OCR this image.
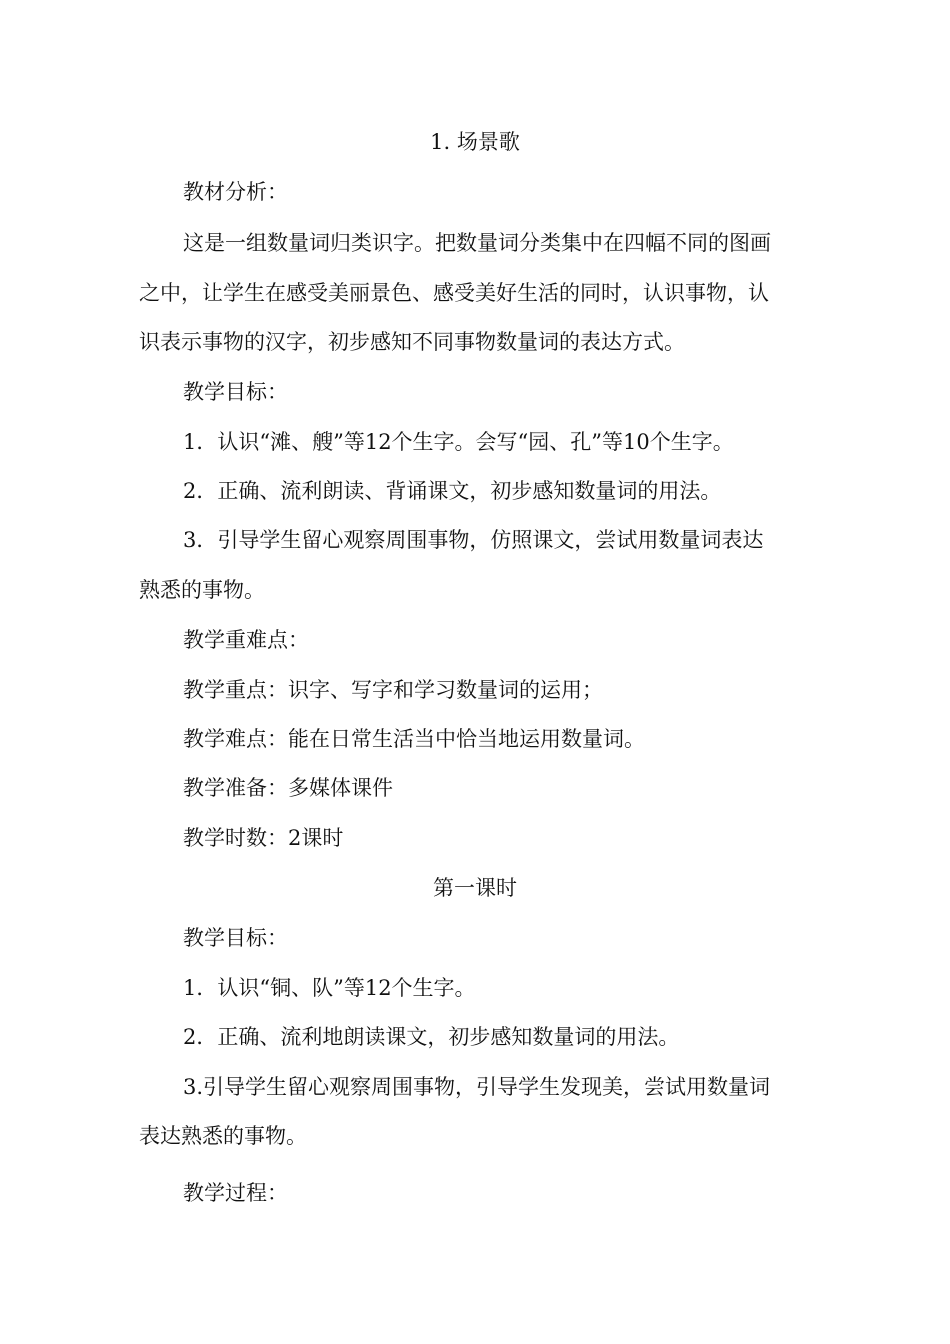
1. 场景歌
教材分析：
这是一组数量词归类识字。把数量词分类集中在四幅不同的图画
之中，让学生在感受美丽景色、感受美好生活的同时，认识事物，认
识表示事物的汉字，初步感知不同事物数量词的表达方式。
教学目标：
1．认识“滩、艘”等12个生字。会写“园、孔”等10个生字。
2．正确、流利朗读、背诵课文，初步感知数量词的用法。
3．引导学生留心观察周围事物，仿照课文，尝试用数量词表达
熟悉的事物。
教学重难点：
教学重点：识字、写字和学习数量词的运用；
教学难点：能在日常生活当中恰当地运用数量词。
教学准备：多媒体课件
教学时数：2课时
第一课时
教学目标：
1．认识“铜、队”等12个生字。
2．正确、流利地朗读课文，初步感知数量词的用法。
3.引导学生留心观察周围事物，引导学生发现美，尝试用数量词
表达熟悉的事物。
教学过程：
